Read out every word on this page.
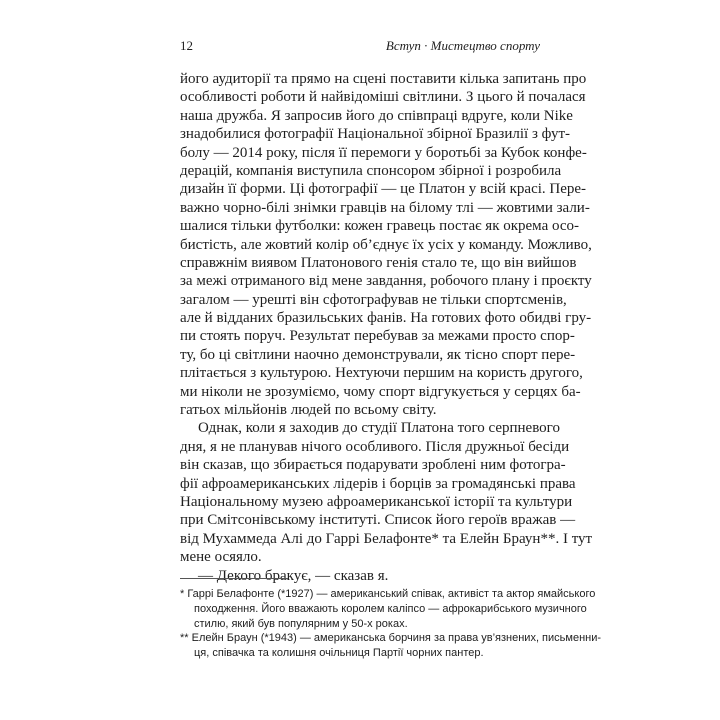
12	Вступ · Мистецтво спорту
його аудиторії та прямо на сцені поставити кілька запитань про
особливості роботи й найвідоміші світлини. З цього й почалася
наша дружба. Я запросив його до співпраці вдруге, коли Nike
знадобилися фотографії Національної збірної Бразилії з фут-
болу — 2014 року, після її перемоги у боротьбі за Кубок конфе-
дерацій, компанія виступила спонсором збірної і розробила
дизайн її форми. Ці фотографії — це Платон у всій красі. Пере-
важно чорно-білі знімки гравців на білому тлі — жовтими зали-
шалися тільки футболки: кожен гравець постає як окрема осо-
бистість, але жовтий колір об’єднує їх усіх у команду. Можливо,
справжнім виявом Платонового генія стало те, що він вийшов
за межі отриманого від мене завдання, робочого плану і проєкту
загалом — урешті він сфотографував не тільки спортсменів,
але й відданих бразильських фанів. На готових фото обидві гру-
пи стоять поруч. Результат перебував за межами просто спор-
ту, бо ці світлини наочно демонстрували, як тісно спорт пере-
плітається з культурою. Нехтуючи першим на користь другого,
ми ніколи не зрозуміємо, чому спорт відгукується у серцях ба-
гатьох мільйонів людей по всьому світу.
Однак, коли я заходив до студії Платона того серпневого
дня, я не планував нічого особливого. Після дружньої бесіди
він сказав, що збирається подарувати зроблені ним фотогра-
фії афроамериканських лідерів і борців за громадянські права
Національному музею афроамериканської історії та культури
при Смітсонівському інституті. Список його героїв вражав —
від Мухаммеда Алі до Гаррі Белафонте* та Елейн Браун**. І тут
мене осяяло.
— Декого бракує, — сказав я.
* Гаррі Белафонте (*1927) — американський співак, активіст та актор ямайського
походження. Його вважають королем каліпсо — афрокарибського музичного
стилю, який був популярним у 50-х роках.
** Елейн Браун (*1943) — американська борчиня за права ув’язнених, письменни-
ця, співачка та колишня очільниця Партії чорних пантер.
